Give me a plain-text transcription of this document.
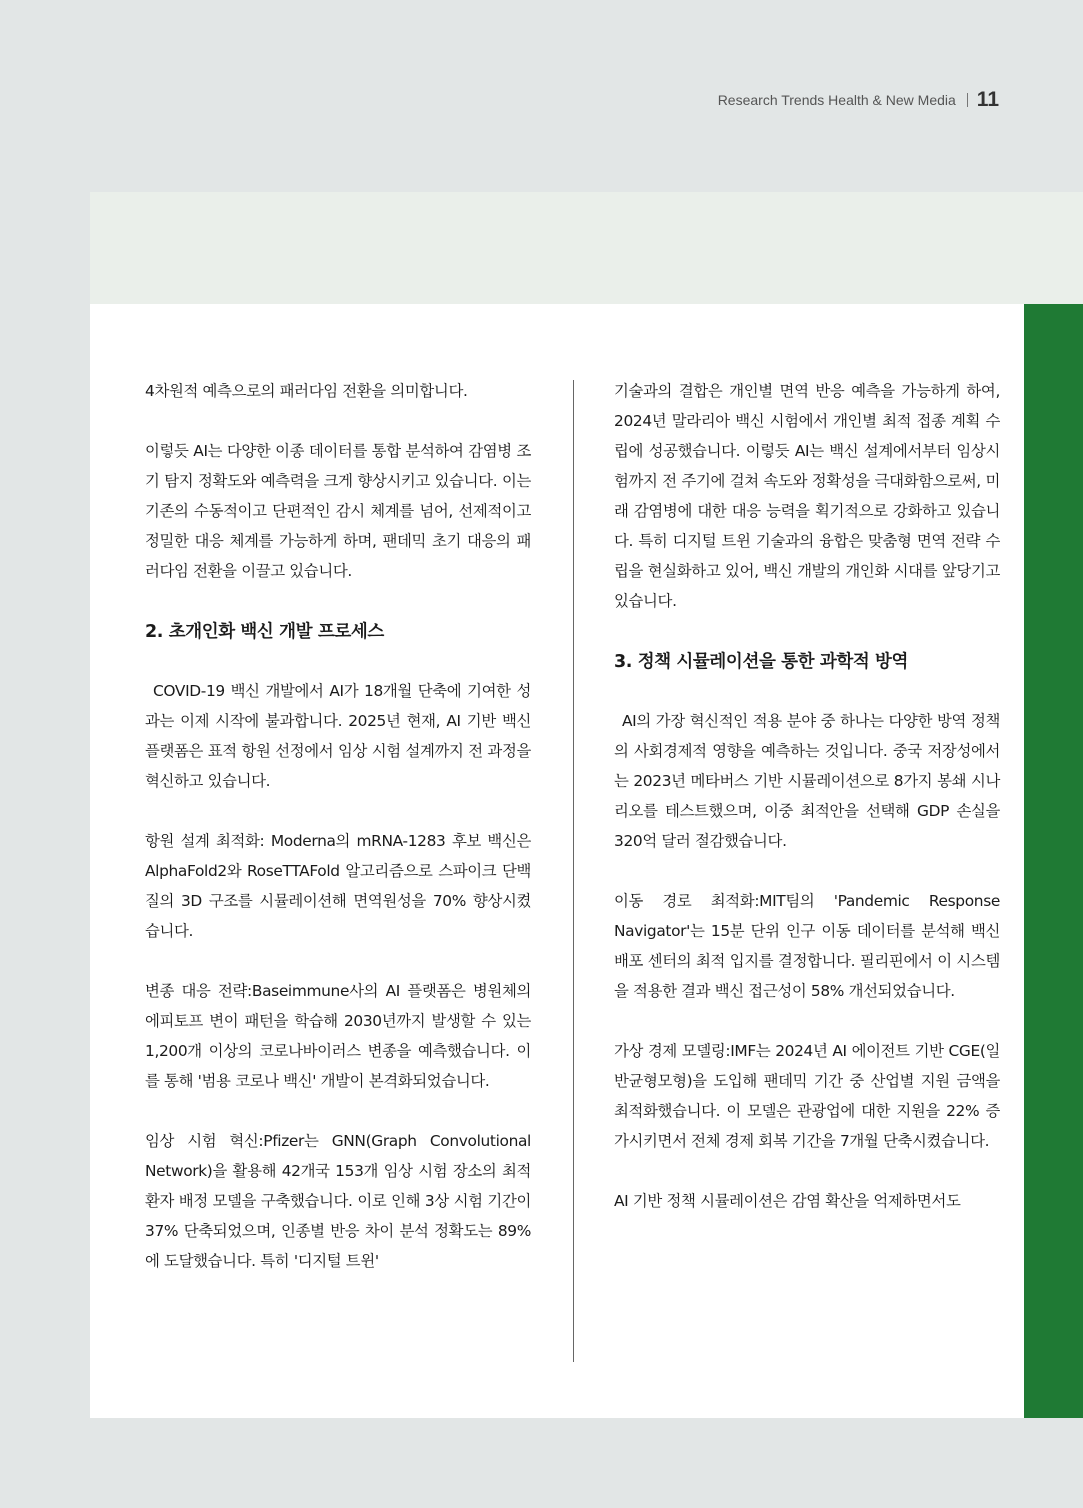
Research Trends Health & New Media 11

4차원적 예측으로의 패러다임 전환을 의미합니다.

이렇듯 AI는 다양한 이종 데이터를 통합 분석하여 감염병 조기 탐지 정확도와 예측력을 크게 향상시키고 있습니다. 이는 기존의 수동적이고 단편적인 감시 체계를 넘어, 선제적이고 정밀한 대응 체계를 가능하게 하며, 팬데믹 초기 대응의 패러다임 전환을 이끌고 있습니다.

2. 초개인화 백신 개발 프로세스

COVID-19 백신 개발에서 AI가 18개월 단축에 기여한 성과는 이제 시작에 불과합니다. 2025년 현재, AI 기반 백신 플랫폼은 표적 항원 선정에서 임상 시험 설계까지 전 과정을 혁신하고 있습니다.

항원 설계 최적화: Moderna의 mRNA-1283 후보 백신은 AlphaFold2와 RoseTTAFold 알고리즘으로 스파이크 단백질의 3D 구조를 시뮬레이션해 면역원성을 70% 향상시켰습니다.

변종 대응 전략:Baseimmune사의 AI 플랫폼은 병원체의 에피토프 변이 패턴을 학습해 2030년까지 발생할 수 있는 1,200개 이상의 코로나바이러스 변종을 예측했습니다. 이를 통해 '범용 코로나 백신' 개발이 본격화되었습니다.

임상 시험 혁신:Pfizer는 GNN(Graph Convolutional Network)을 활용해 42개국 153개 임상 시험 장소의 최적 환자 배정 모델을 구축했습니다. 이로 인해 3상 시험 기간이 37% 단축되었으며, 인종별 반응 차이 분석 정확도는 89%에 도달했습니다. 특히 '디지털 트윈'

기술과의 결합은 개인별 면역 반응 예측을 가능하게 하여, 2024년 말라리아 백신 시험에서 개인별 최적 접종 계획 수립에 성공했습니다. 이렇듯 AI는 백신 설계에서부터 임상시험까지 전 주기에 걸쳐 속도와 정확성을 극대화함으로써, 미래 감염병에 대한 대응 능력을 획기적으로 강화하고 있습니다. 특히 디지털 트윈 기술과의 융합은 맞춤형 면역 전략 수립을 현실화하고 있어, 백신 개발의 개인화 시대를 앞당기고 있습니다.

3. 정책 시뮬레이션을 통한 과학적 방역

AI의 가장 혁신적인 적용 분야 중 하나는 다양한 방역 정책의 사회경제적 영향을 예측하는 것입니다. 중국 저장성에서는 2023년 메타버스 기반 시뮬레이션으로 8가지 봉쇄 시나리오를 테스트했으며, 이중 최적안을 선택해 GDP 손실을 320억 달러 절감했습니다.

이동 경로 최적화:MIT팀의 'Pandemic Response Navigator'는 15분 단위 인구 이동 데이터를 분석해 백신 배포 센터의 최적 입지를 결정합니다. 필리핀에서 이 시스템을 적용한 결과 백신 접근성이 58% 개선되었습니다.

가상 경제 모델링:IMF는 2024년 AI 에이전트 기반 CGE(일반균형모형)을 도입해 팬데믹 기간 중 산업별 지원 금액을 최적화했습니다. 이 모델은 관광업에 대한 지원을 22% 증가시키면서 전체 경제 회복 기간을 7개월 단축시켰습니다.

AI 기반 정책 시뮬레이션은 감염 확산을 억제하면서도
